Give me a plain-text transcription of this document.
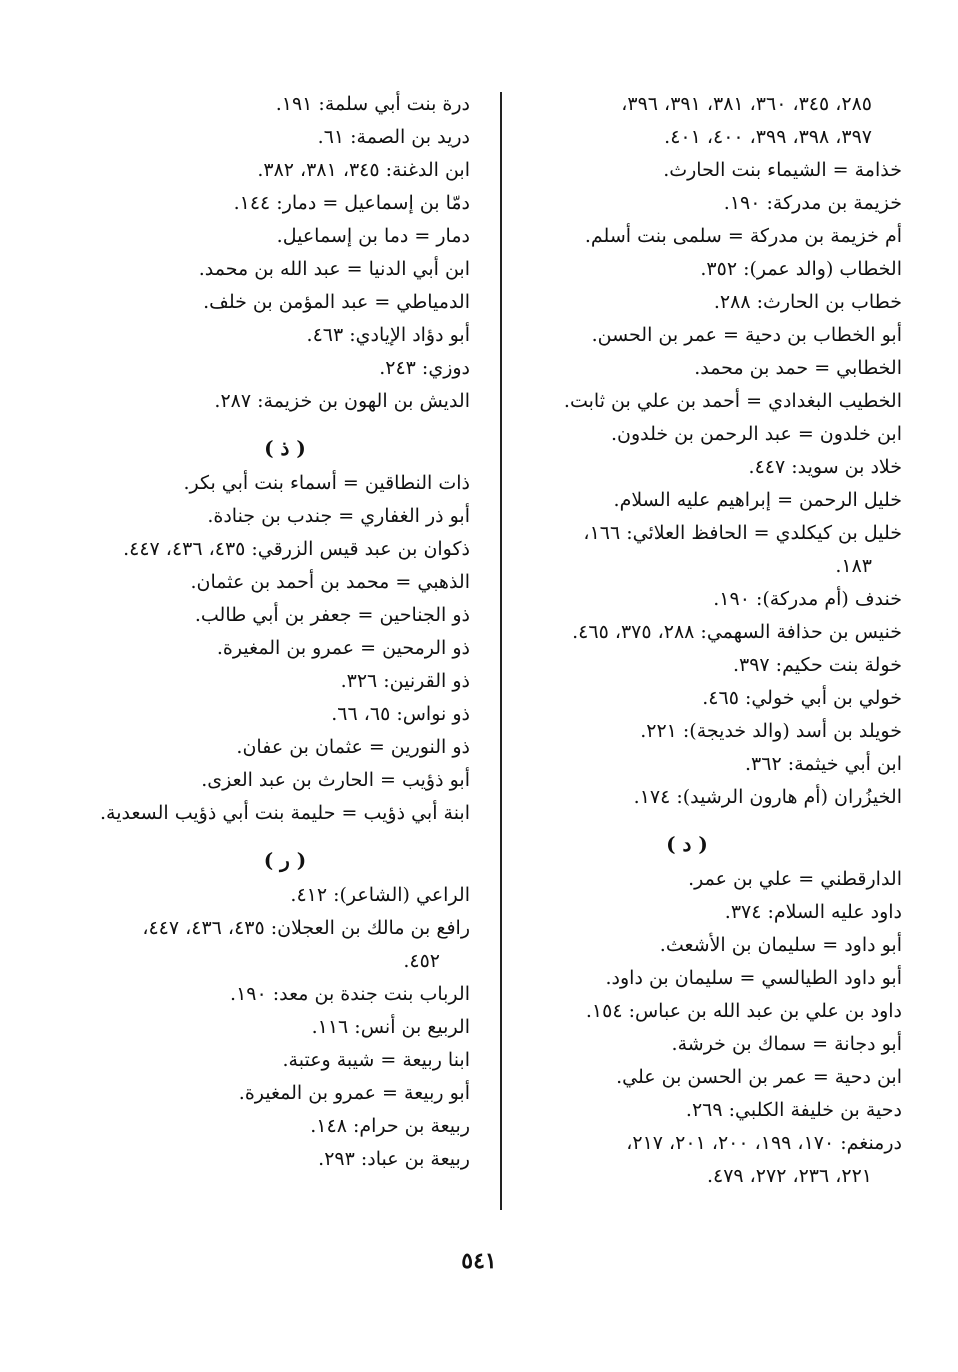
٢٨٥، ٣٤٥، ٣٦٠، ٣٨١، ٣٩١، ٣٩٦،
٣٩٧، ٣٩٨، ٣٩٩، ٤٠٠، ٤٠١.
خذامة = الشيماء بنت الحارث.
خزيمة بن مدركة: ١٩٠.
أم خزيمة بن مدركة = سلمى بنت أسلم.
الخطاب (والد عمر): ٣٥٢.
خطاب بن الحارث: ٢٨٨.
أبو الخطاب بن دحية = عمر بن الحسن.
الخطابي = حمد بن محمد.
الخطيب البغدادي = أحمد بن علي بن ثابت.
ابن خلدون = عبد الرحمن بن خلدون.
خلاد بن سويد: ٤٤٧.
خليل الرحمن = إبراهيم عليه السلام.
خليل بن كيكلدي = الحافظ العلائي: ١٦٦،
١٨٣.
خندف (أم مدركة): ١٩٠.
خنيس بن حذافة السهمي: ٢٨٨، ٣٧٥، ٤٦٥.
خولة بنت حكيم: ٣٩٧.
خولي بن أبي خولي: ٤٦٥.
خويلد بن أسد (والد خديجة): ٢٢١.
ابن أبي خيثمة: ٣٦٢.
الخيزُران (أم هارون الرشيد): ١٧٤.
( د )
الدارقطني = علي بن عمر.
داود عليه السلام: ٣٧٤.
أبو داود = سليمان بن الأشعث.
أبو داود الطيالسي = سليمان بن داود.
داود بن علي بن عبد الله بن عباس: ١٥٤.
أبو دجانة = سماك بن خرشة.
ابن دحية = عمر بن الحسن بن علي.
دحية بن خليفة الكلبي: ٢٦٩.
درمنغم: ١٧٠، ١٩٩، ٢٠٠، ٢٠١، ٢١٧،
٢٢١، ٢٣٦، ٢٧٢، ٤٧٩.
درة بنت أبي سلمة: ١٩١.
دريد بن الصمة: ٦١.
ابن الدغنة: ٣٤٥، ٣٨١، ٣٨٢.
دمّا بن إسماعيل = دمار: ١٤٤.
دمار = دما بن إسماعيل.
ابن أبي الدنيا = عبد الله بن محمد.
الدمياطي = عبد المؤمن بن خلف.
أبو دؤاد الإيادي: ٤٦٣.
دوزي: ٢٤٣.
الديش بن الهون بن خزيمة: ٢٨٧.
( ذ )
ذات النطاقين = أسماء بنت أبي بكر.
أبو ذر الغفاري = جندب بن جنادة.
ذكوان بن عبد قيس الزرقي: ٤٣٥، ٤٣٦، ٤٤٧.
الذهبي = محمد بن أحمد بن عثمان.
ذو الجناحين = جعفر بن أبي طالب.
ذو الرمحين = عمرو بن المغيرة.
ذو القرنين: ٣٢٦.
ذو نواس: ٦٥، ٦٦.
ذو النورين = عثمان بن عفان.
أبو ذؤيب = الحارث بن عبد العزى.
ابنة أبي ذؤيب = حليمة بنت أبي ذؤيب السعدية.
( ر )
الراعي (الشاعر): ٤١٢.
رافع بن مالك بن العجلان: ٤٣٥، ٤٣٦، ٤٤٧،
٤٥٢.
الرباب بنت جندة بن معد: ١٩٠.
الربيع بن أنس: ١١٦.
ابنا ربيعة = شيبة وعتبة.
أبو ربيعة = عمرو بن المغيرة.
ربيعة بن حرام: ١٤٨.
ربيعة بن عباد: ٢٩٣.
٥٤١
